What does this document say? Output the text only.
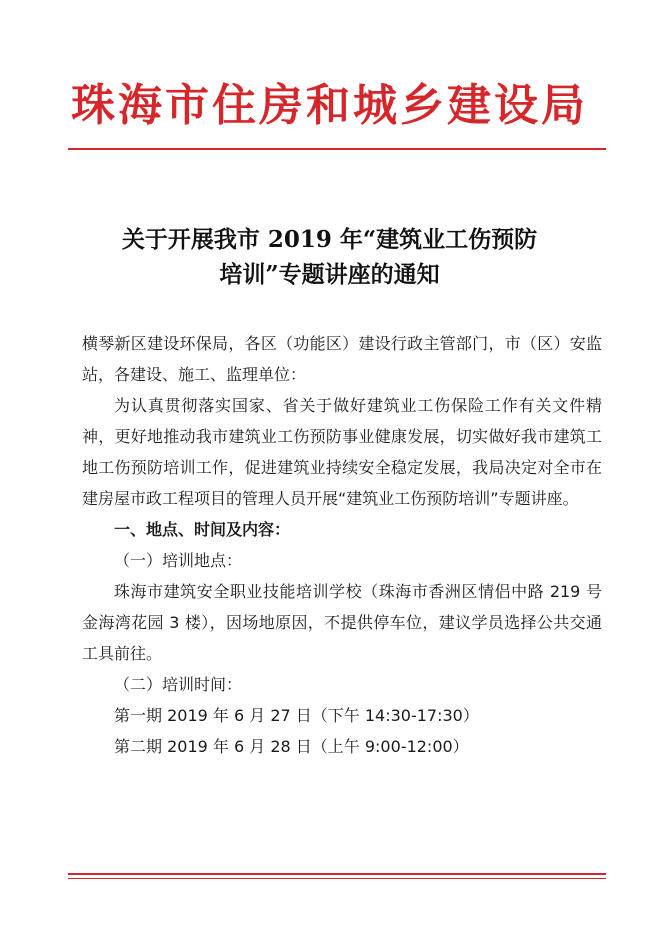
珠海市住房和城乡建设局
关于开展我市 2019 年“建筑业工伤预防
培训”专题讲座的通知

横琴新区建设环保局，各区（功能区）建设行政主管部门，市（区）安监站，各建设、施工、监理单位：

为认真贯彻落实国家、省关于做好建筑业工伤保险工作有关文件精神，更好地推动我市建筑业工伤预防事业健康发展，切实做好我市建筑工地工伤预防培训工作，促进建筑业持续安全稳定发展，我局决定对全市在建房屋市政工程项目的管理人员开展“建筑业工伤预防培训”专题讲座。

一、地点、时间及内容：

（一）培训地点：

珠海市建筑安全职业技能培训学校（珠海市香洲区情侣中路 219 号金海湾花园 3 楼），因场地原因，不提供停车位，建议学员选择公共交通工具前往。

（二）培训时间：

第一期 2019 年 6 月 27 日（下午 14:30-17:30）

第二期 2019 年 6 月 28 日（上午 9:00-12:00）
